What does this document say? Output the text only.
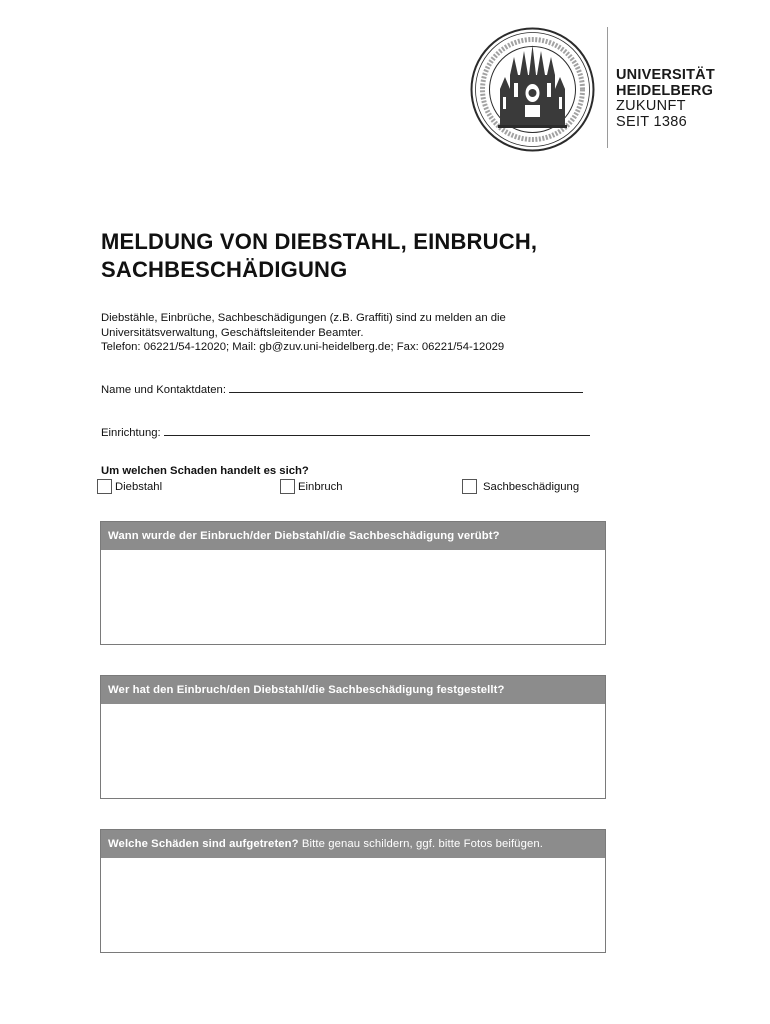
UNIVERSITÄT
HEIDELBERG
ZUKUNFT
SEIT 1386
MELDUNG VON DIEBSTAHL, EINBRUCH,
SACHBESCHÄDIGUNG
Diebstähle, Einbrüche, Sachbeschädigungen (z.B. Graffiti) sind zu melden an die
Universitätsverwaltung, Geschäftsleitender Beamter.
Telefon: 06221/54-12020; Mail: gb@zuv.uni-heidelberg.de; Fax: 06221/54-12029
Name und Kontaktdaten:
Einrichtung:
Um welchen Schaden handelt es sich?
Diebstahl	Einbruch	Sachbeschädigung
Wann wurde der Einbruch/der Diebstahl/die Sachbeschädigung verübt?
Wer hat den Einbruch/den Diebstahl/die Sachbeschädigung festgestellt?
Welche Schäden sind aufgetreten? Bitte genau schildern, ggf. bitte Fotos beifügen.
